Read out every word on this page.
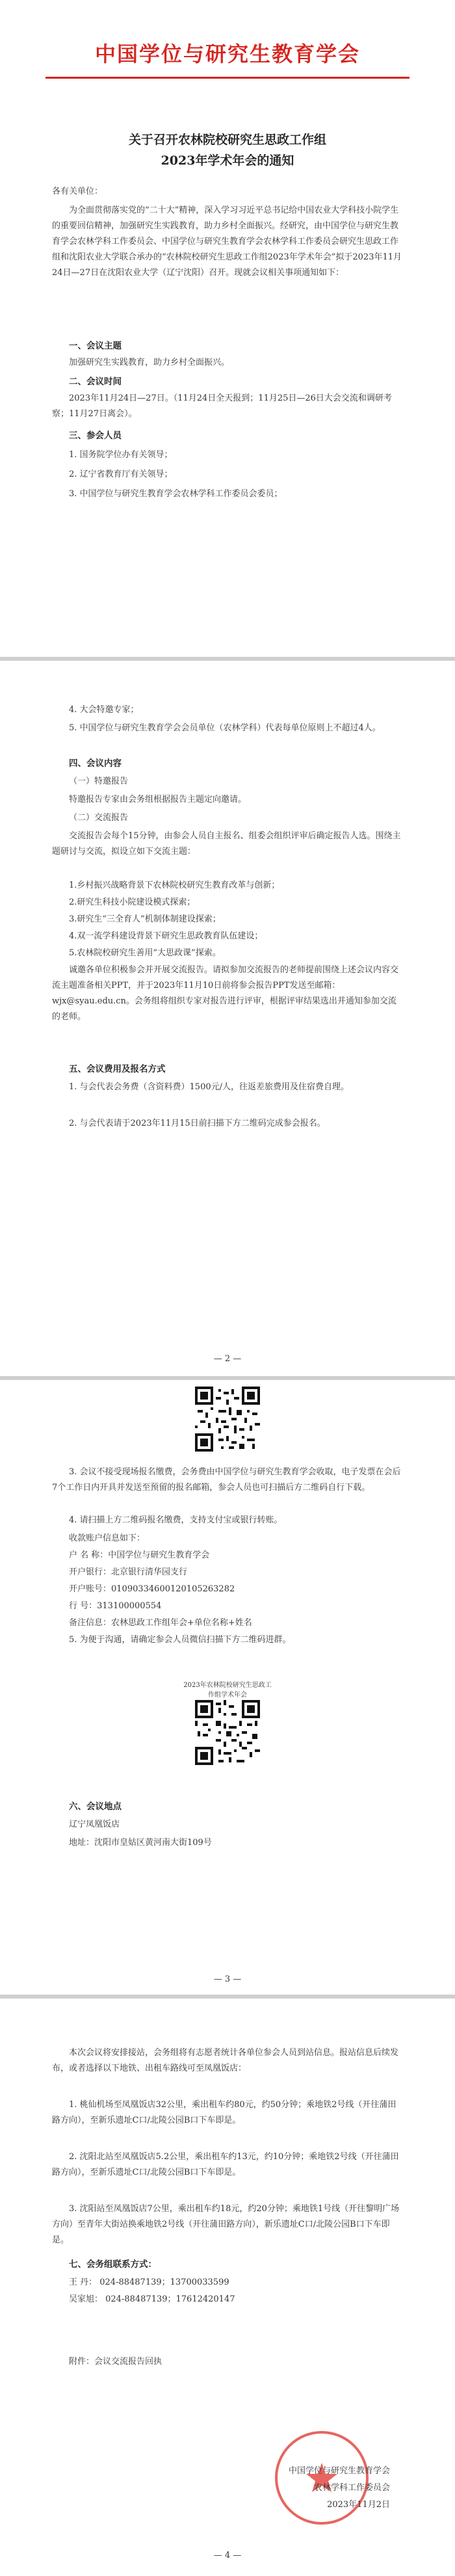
中国学位与研究生教育学会
关于召开农林院校研究生思政工作组
2023年学术年会的通知

各有关单位：

为全面贯彻落实党的“二十大”精神，深入学习习近平总书记给中国农业大学科技小院学生的重要回信精神，加强研究生实践教育，助力乡村全面振兴。经研究，由中国学位与研究生教育学会农林学科工作委员会、中国学位与研究生教育学会农林学科工作委员会研究生思政工作组和沈阳农业大学联合承办的“农林院校研究生思政工作组2023年学术年会”拟于2023年11月24日—27日在沈阳农业大学（辽宁沈阳）召开。现就会议相关事项通知如下：

一、会议主题

加强研究生实践教育，助力乡村全面振兴。

二、会议时间

2023年11月24日—27日。（11月24日全天报到；11月25日—26日大会交流和调研考察；11月27日离会）。

三、参会人员

1. 国务院学位办有关领导；

2. 辽宁省教育厅有关领导；

3. 中国学位与研究生教育学会农林学科工作委员会委员；

4. 大会特邀专家；

5. 中国学位与研究生教育学会会员单位（农林学科）代表每单位原则上不超过4人。

四、会议内容

（一）特邀报告

特邀报告专家由会务组根据报告主题定向邀请。

（二）交流报告

交流报告会每个15分钟，由参会人员自主报名、组委会组织评审后确定报告人选。围绕主题研讨与交流，拟设立如下交流主题：

1.乡村振兴战略背景下农林院校研究生教育改革与创新；

2.研究生科技小院建设模式探索；

3.研究生“三全育人”机制体制建设探索；

4.双一流学科建设背景下研究生思政教育队伍建设；

5.农林院校研究生善用“大思政课”探索。

诚邀各单位积极参会并开展交流报告。请拟参加交流报告的老师提前围绕上述会议内容交流主题准备相关PPT，并于2023年11月10日前将参会报告PPT发送至邮箱：wjx@syau.edu.cn。会务组将组织专家对报告进行评审，根据评审结果选出并通知参加交流的老师。

五、会议费用及报名方式

1. 与会代表会务费（含资料费）1500元/人，往返差旅费用及住宿费自理。

2. 与会代表请于2023年11月15日前扫描下方二维码完成参会报名。

— 2 —

3. 会议不接受现场报名缴费，会务费由中国学位与研究生教育学会收取，电子发票在会后7个工作日内开具并发送至预留的报名邮箱，参会人员也可扫描后方二维码自行下载。

4. 请扫描上方二维码报名缴费，支持支付宝或银行转账。

收款账户信息如下：

户 名 称：中国学位与研究生教育学会

开户银行：北京银行清华园支行

开户账号：01090334600120105263282

行 号：313100000554

备注信息：农林思政工作组年会+单位名称+姓名

5. 为便于沟通，请确定参会人员微信扫描下方二维码进群。

2023年农林院校研究生思政工作组学术年会

六、会议地点

辽宁凤凰饭店

地址：沈阳市皇姑区黄河南大街109号

— 3 —

本次会议将安排接站，会务组将有志愿者统计各单位参会人员到站信息。报站信息后续发布，或者选择以下地铁、出租车路线可至凤凰饭店：

1. 桃仙机场至凤凰饭店32公里，乘出租车约80元，约50分钟；乘地铁2号线（开往蒲田路方向），至新乐遗址C口/北陵公园B口下车即是。

2. 沈阳北站至凤凰饭店5.2公里，乘出租车约13元，约10分钟；乘地铁2号线（开往蒲田路方向），至新乐遗址C口/北陵公园B口下车即是。

3. 沈阳站至凤凰饭店7公里，乘出租车约18元，约20分钟；乘地铁1号线（开往黎明广场方向）至青年大街站换乘地铁2号线（开往蒲田路方向），新乐遗址C口/北陵公园B口下车即是。

七、会务组联系方式：

王 丹： 024-88487139；13700033599

吴家旭： 024-88487139；17612420147

附件：会议交流报告回执

中国学位与研究生教育学会
农林学科工作委员会
2023年11月2日
— 4 —
